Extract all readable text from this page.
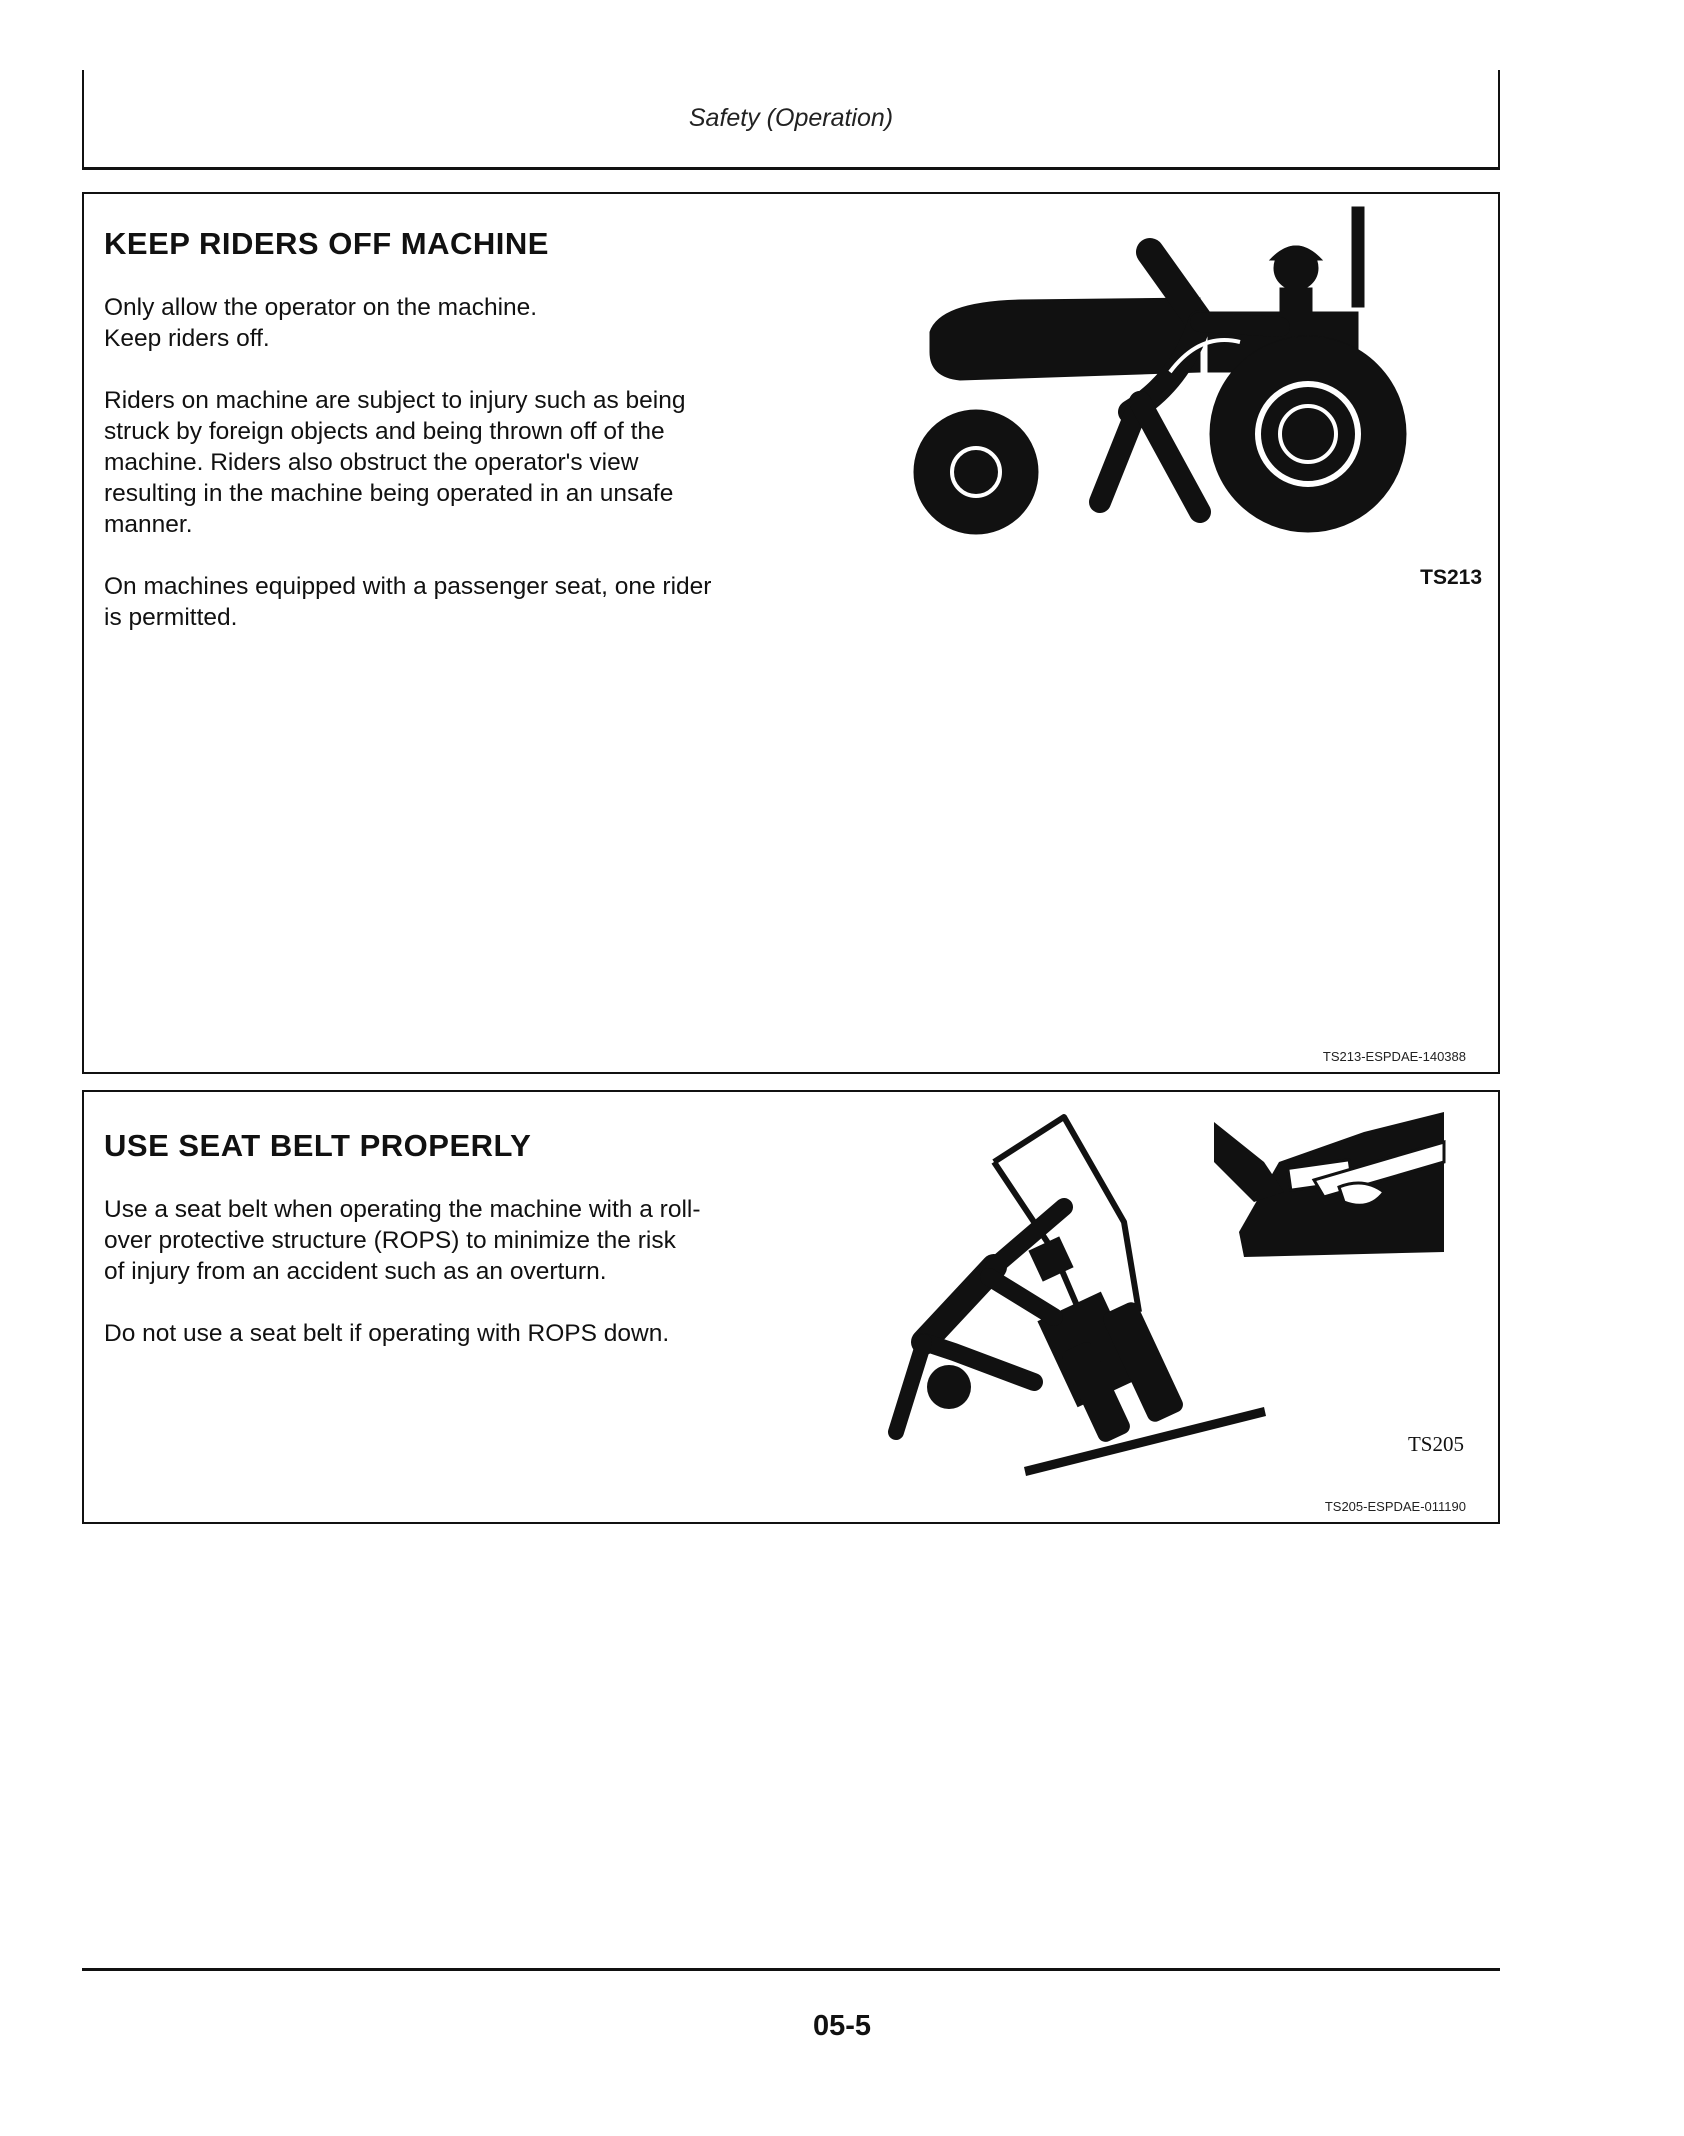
Safety (Operation)
KEEP RIDERS OFF MACHINE

Only allow the operator on the machine.
Keep riders off.

Riders on machine are subject to injury such as being
struck by foreign objects and being thrown off of the
machine. Riders also obstruct the operator's view
resulting in the machine being operated in an unsafe
manner.

On machines equipped with a passenger seat, one rider
is permitted.

TS213
TS213-ESPDAE-140388
USE SEAT BELT PROPERLY

Use a seat belt when operating the machine with a roll-
over protective structure (ROPS) to minimize the risk
of injury from an accident such as an overturn.

Do not use a seat belt if operating with ROPS down.

TS205
TS205-ESPDAE-011190
05-5
